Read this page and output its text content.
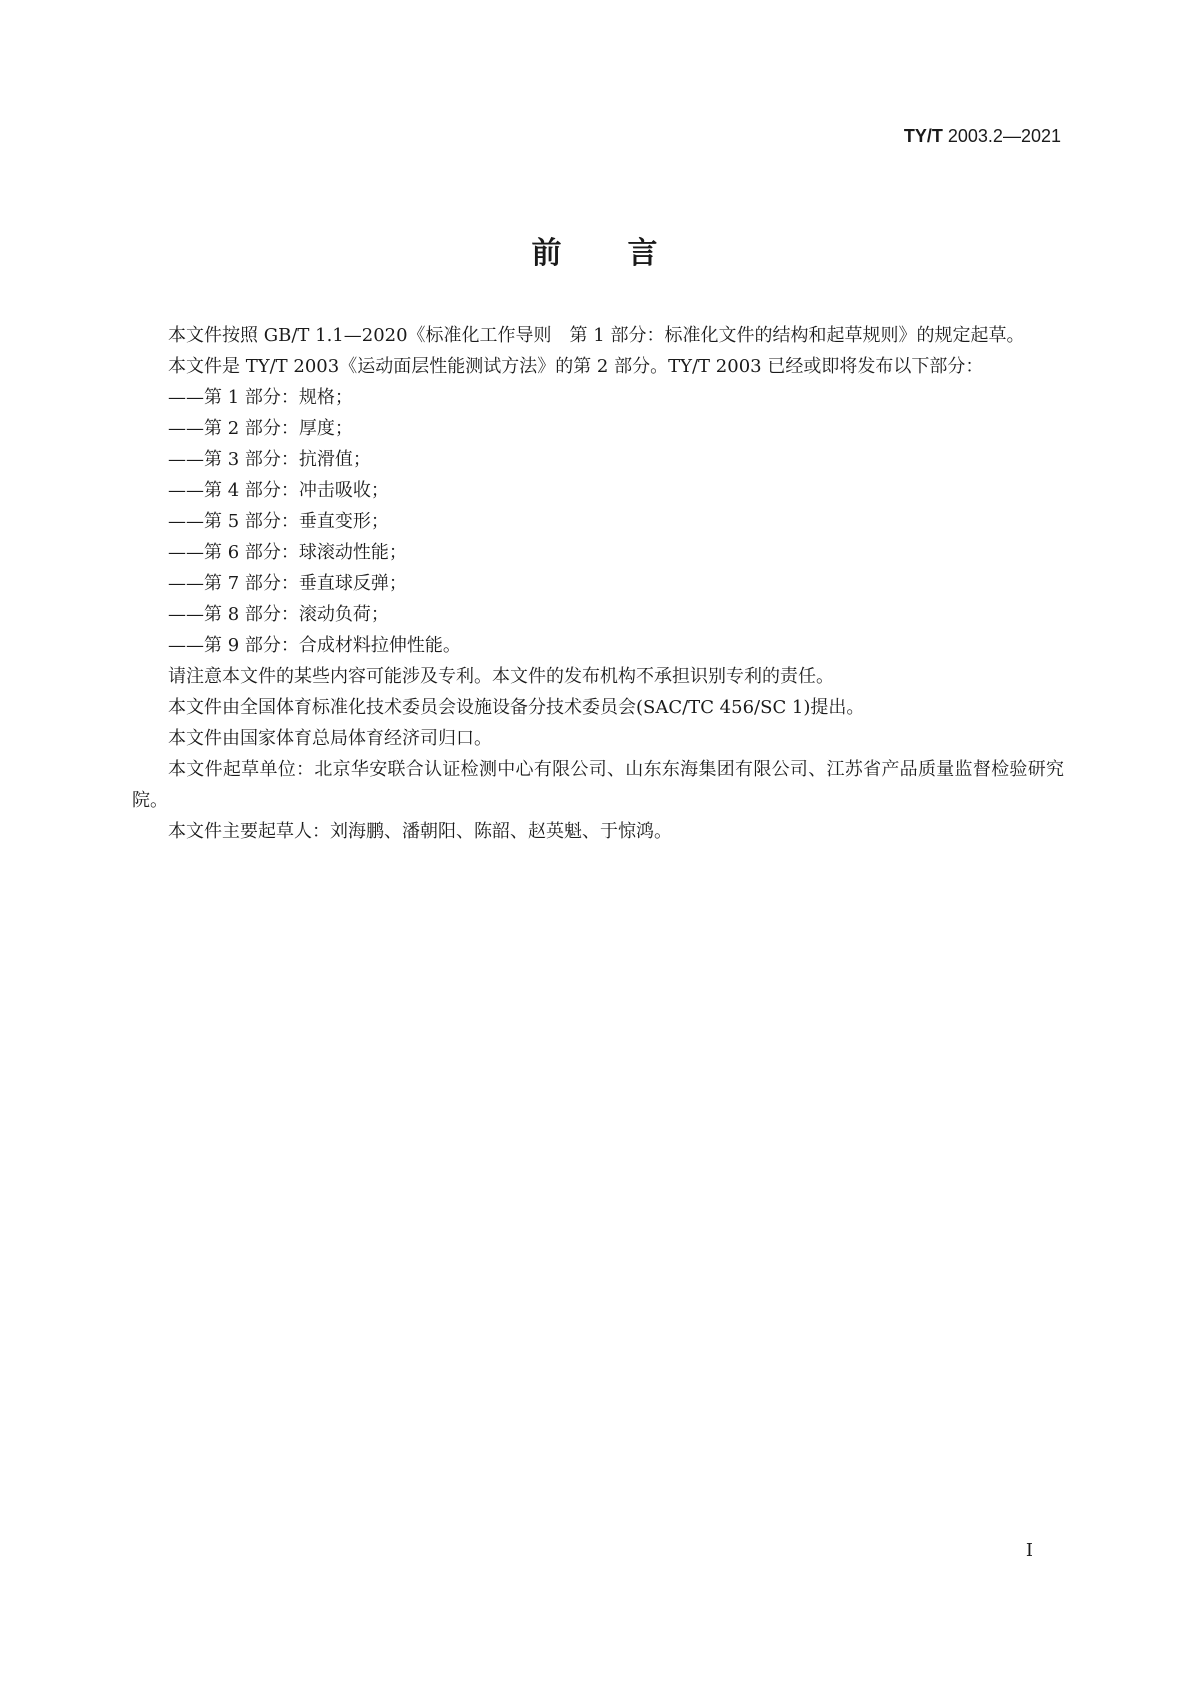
TY/T 2003.2—2021
前　　言

本文件按照 GB/T 1.1—2020《标准化工作导则　第 1 部分：标准化文件的结构和起草规则》的规定起草。

本文件是 TY/T 2003《运动面层性能测试方法》的第 2 部分。TY/T 2003 已经或即将发布以下部分：

——第 1 部分：规格；
——第 2 部分：厚度；
——第 3 部分：抗滑值；
——第 4 部分：冲击吸收；
——第 5 部分：垂直变形；
——第 6 部分：球滚动性能；
——第 7 部分：垂直球反弹；
——第 8 部分：滚动负荷；
——第 9 部分：合成材料拉伸性能。

请注意本文件的某些内容可能涉及专利。本文件的发布机构不承担识别专利的责任。

本文件由全国体育标准化技术委员会设施设备分技术委员会(SAC/TC 456/SC 1)提出。

本文件由国家体育总局体育经济司归口。

本文件起草单位：北京华安联合认证检测中心有限公司、山东东海集团有限公司、江苏省产品质量监督检验研究院。

本文件主要起草人：刘海鹏、潘朝阳、陈韶、赵英魁、于惊鸿。

I
